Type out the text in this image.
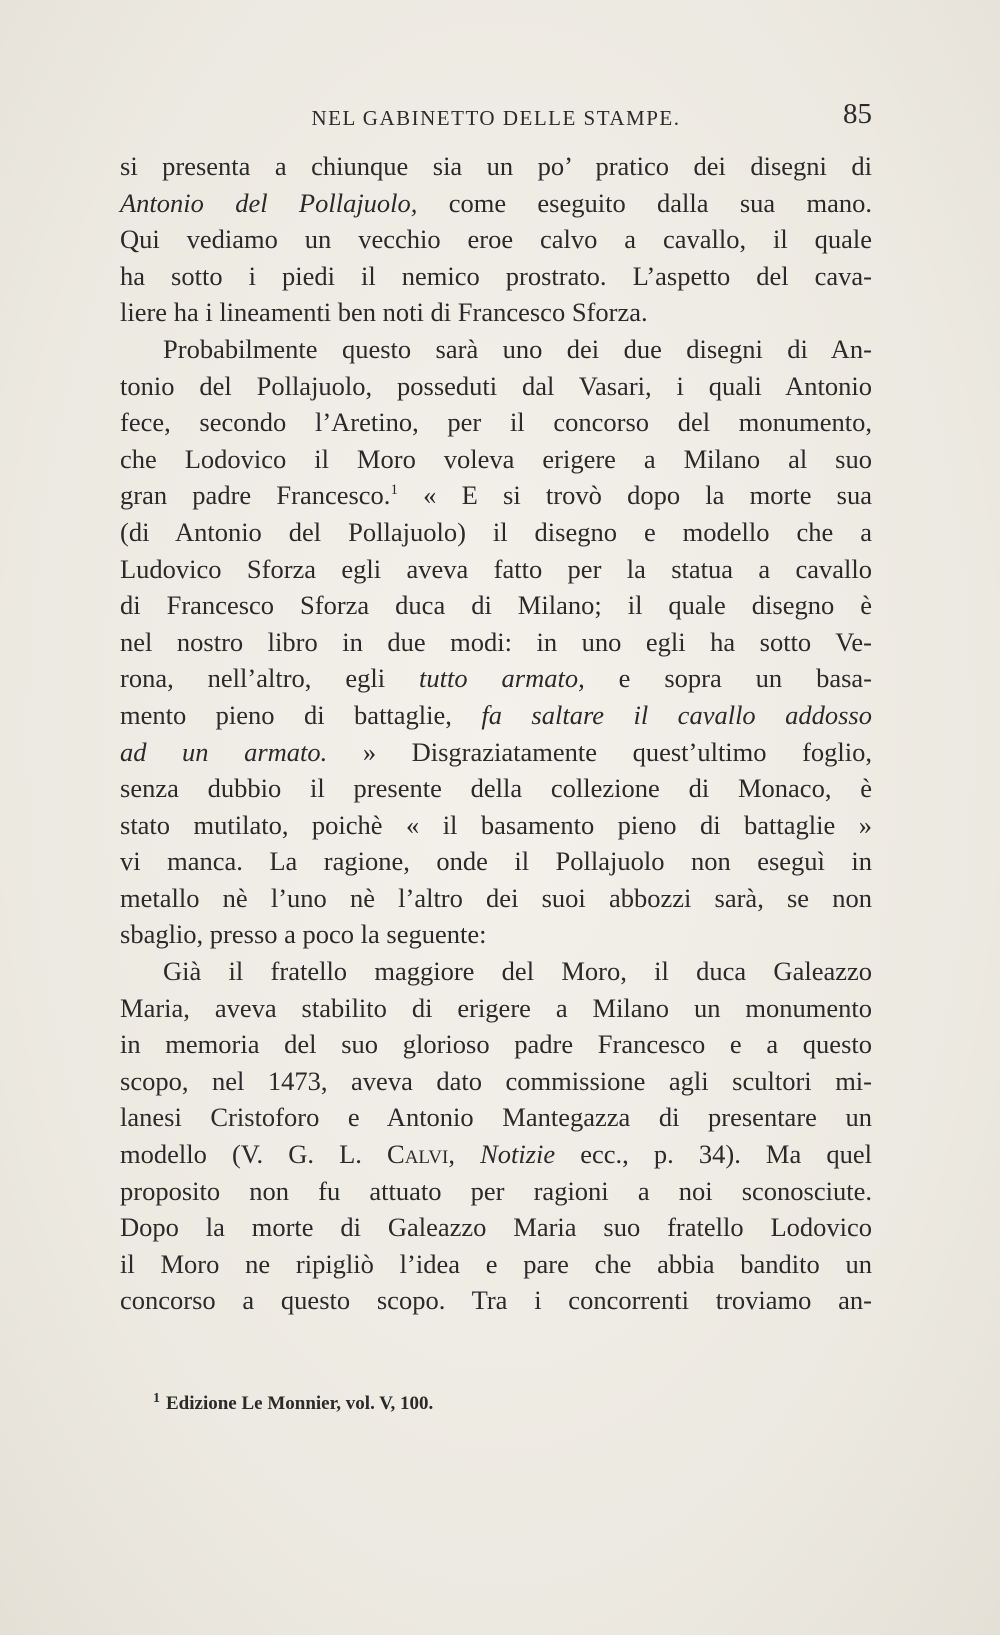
NEL GABINETTO DELLE STAMPE.	85

si presenta a chiunque sia un po’ pratico dei disegni di
Antonio del Pollajuolo, come eseguito dalla sua mano.
Qui vediamo un vecchio eroe calvo a cavallo, il quale
ha sotto i piedi il nemico prostrato. L’aspetto del cava-
liere ha i lineamenti ben noti di Francesco Sforza.

Probabilmente questo sarà uno dei due disegni di An-
tonio del Pollajuolo, posseduti dal Vasari, i quali Antonio
fece, secondo l’Aretino, per il concorso del monumento,
che Lodovico il Moro voleva erigere a Milano al suo
gran padre Francesco.$^1$ « E si trovò dopo la morte sua
(di Antonio del Pollajuolo) il disegno e modello che a
Ludovico Sforza egli aveva fatto per la statua a cavallo
di Francesco Sforza duca di Milano; il quale disegno è
nel nostro libro in due modi: in uno egli ha sotto Ve-
rona, nell’altro, egli tutto armato, e sopra un basa-
mento pieno di battaglie, fa saltare il cavallo addosso
ad un armato. » Disgraziatamente quest’ultimo foglio,
senza dubbio il presente della collezione di Monaco, è
stato mutilato, poichè « il basamento pieno di battaglie »
vi manca. La ragione, onde il Pollajuolo non eseguì in
metallo nè l’uno nè l’altro dei suoi abbozzi sarà, se non
sbaglio, presso a poco la seguente:

Già il fratello maggiore del Moro, il duca Galeazzo
Maria, aveva stabilito di erigere a Milano un monumento
in memoria del suo glorioso padre Francesco e a questo
scopo, nel 1473, aveva dato commissione agli scultori mi-
lanesi Cristoforo e Antonio Mantegazza di presentare un
modello (V. G. L. Calvi, Notizie ecc., p. 34). Ma quel
proposito non fu attuato per ragioni a noi sconosciute.
Dopo la morte di Galeazzo Maria suo fratello Lodovico
il Moro ne ripigliò l’idea e pare che abbia bandito un
concorso a questo scopo. Tra i concorrenti troviamo an-

$^1$ Edizione Le Monnier, vol. V, 100.
